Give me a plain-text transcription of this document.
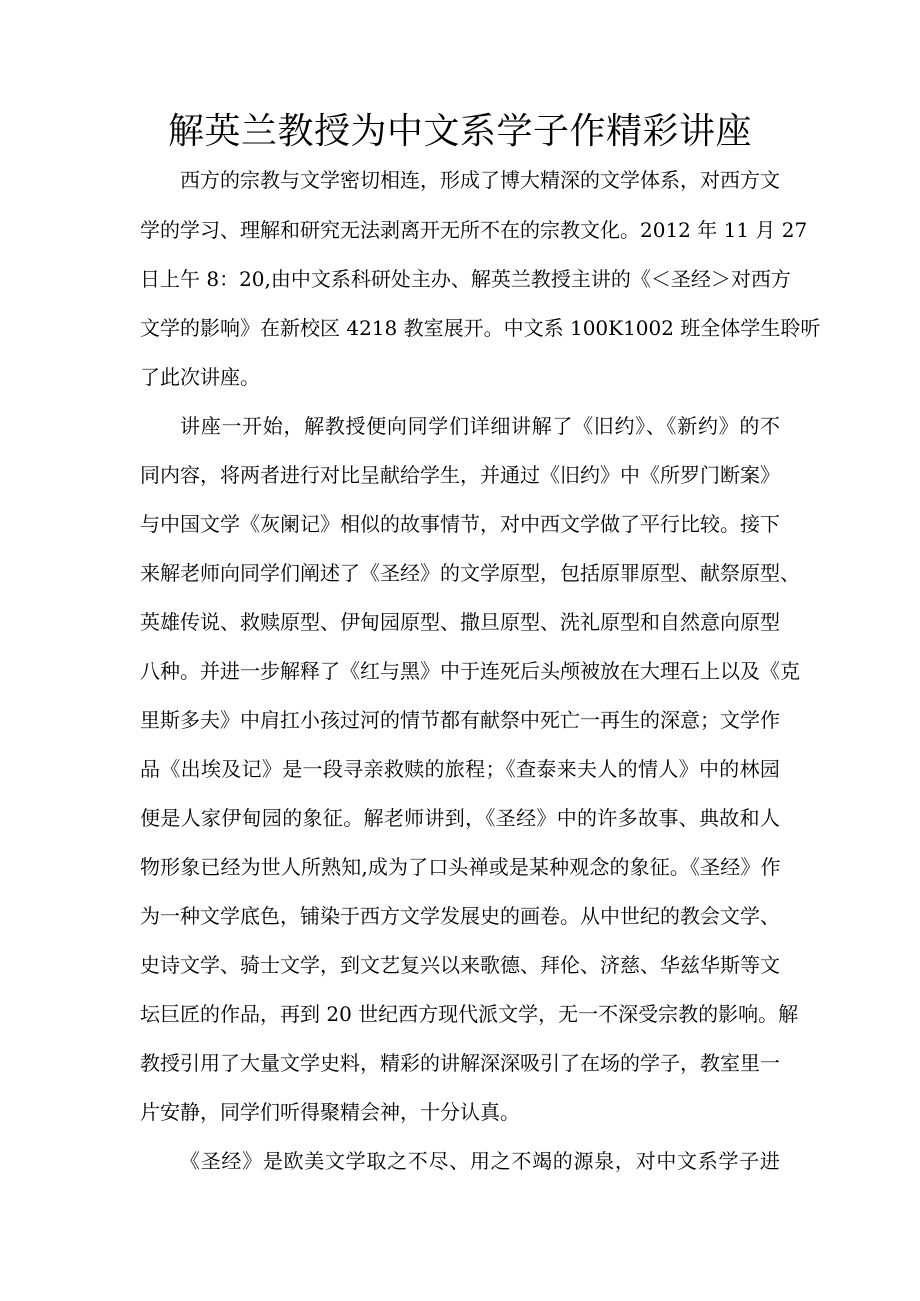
解英兰教授为中文系学子作精彩讲座
西方的宗教与文学密切相连，形成了博大精深的文学体系，对西方文
学的学习、理解和研究无法剥离开无所不在的宗教文化。2012 年 11 月 27
日上午 8：20,由中文系科研处主办、解英兰教授主讲的《＜圣经＞对西方
文学的影响》在新校区 4218 教室展开。中文系 100K1002 班全体学生聆听
了此次讲座。
讲座一开始，解教授便向同学们详细讲解了《旧约》、《新约》的不
同内容，将两者进行对比呈献给学生，并通过《旧约》中《所罗门断案》
与中国文学《灰阑记》相似的故事情节，对中西文学做了平行比较。接下
来解老师向同学们阐述了《圣经》的文学原型，包括原罪原型、献祭原型、
英雄传说、救赎原型、伊甸园原型、撒旦原型、洗礼原型和自然意向原型
八种。并进一步解释了《红与黑》中于连死后头颅被放在大理石上以及《克
里斯多夫》中肩扛小孩过河的情节都有献祭中死亡一再生的深意；文学作
品《出埃及记》是一段寻亲救赎的旅程；《查泰来夫人的情人》中的林园
便是人家伊甸园的象征。解老师讲到，《圣经》中的许多故事、典故和人
物形象已经为世人所熟知,成为了口头禅或是某种观念的象征。《圣经》作
为一种文学底色，铺染于西方文学发展史的画卷。从中世纪的教会文学、
史诗文学、骑士文学，到文艺复兴以来歌德、拜伦、济慈、华兹华斯等文
坛巨匠的作品，再到 20 世纪西方现代派文学，无一不深受宗教的影响。解
教授引用了大量文学史料，精彩的讲解深深吸引了在场的学子，教室里一
片安静，同学们听得聚精会神，十分认真。
《圣经》是欧美文学取之不尽、用之不竭的源泉，对中文系学子进
